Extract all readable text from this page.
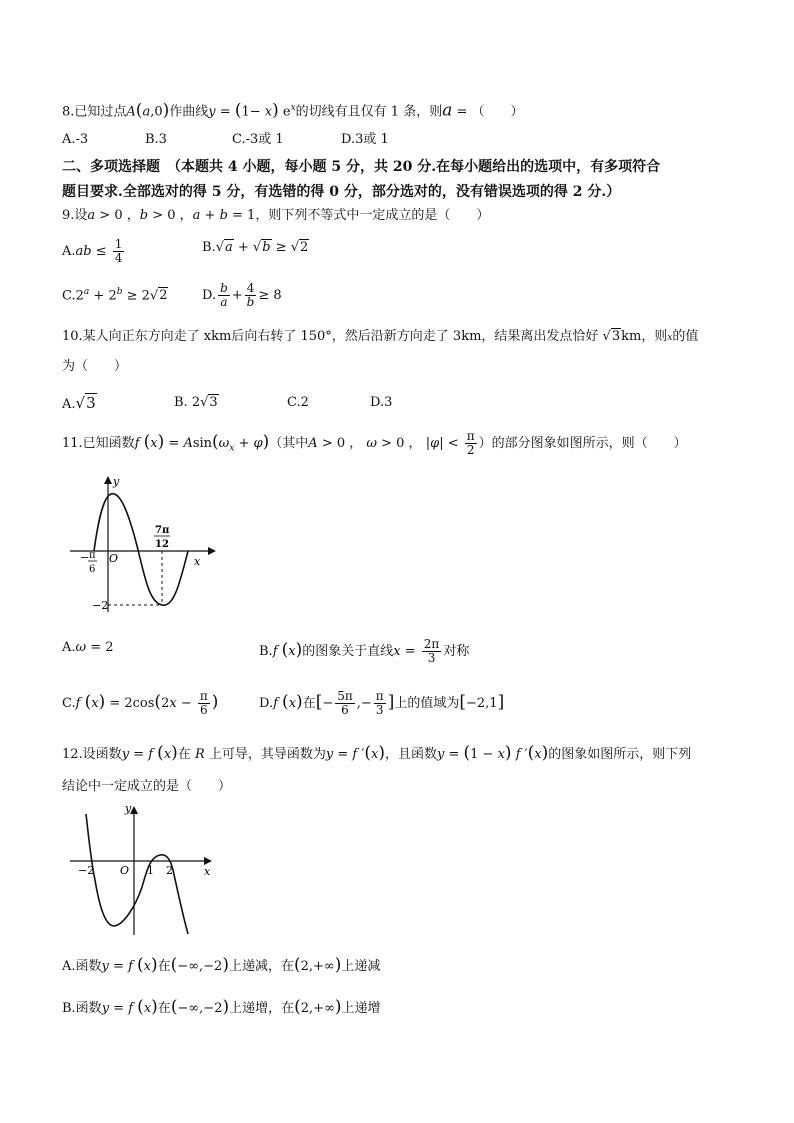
8.已知过点A(a,0)作曲线y = (1− x) $e^x$的切线有且仅有 1 条，则a = （　　）
A.-3	B.3	C.-3或 1	D.3或 1
二、多项选择题　（本题共 4 小题，每小题 5 分，共 20 分.在每小题给出的选项中，有多项符合
题目要求.全部选对的得 5 分，有选错的得 0 分，部分选对的，没有错误选项的得 2 分.）
9.设a > 0 ，b > 0 ，a + b = 1，则下列不等式中一定成立的是（　　）
$A.ab \le \frac{1}{4}$	B.√a + √b ≥ √2
$C.2^a + 2^b \ge 2√2$	D. $\frac{b}{a} + \frac{4}{b} \ge 8$
10.某人向正东方向走了 xkm后向右转了 150°，然后沿新方向走了 3km，结果离出发点恰好 √3km，则x的值
为（　　）
A.√3	B. 2√3	C.2	D.3
11.已知函数f $(x) = Asin(\omega_x + \varphi)$（其中A > 0 ， ω > 0 ， $|\varphi| < \frac{\pi}{2}$ ）的部分图象如图所示，则（　　）
y
x
O
− π
6
7π
12
−2
A.ω = 2	B.f (x)的图象关于直线$x = \frac{2\pi}{3}$ 对称
C.f $(x) = 2\cos(2x - \frac{\pi}{6}$ )	D.f (x)在[− $\frac{5\pi}{6}$ ,− $\frac{\pi}{3}$ ]上的值域为[−2,1]
12.设函数y = f (x)在 R 上可导，其导函数为y = f ′(x)，且函数y = (1 − x) f ′(x)的图象如图所示，则下列
结论中一定成立的是（　　）
y
x
O
−2	1 2
A.函数y = f (x)在(−∞,−2)上递减，在(2,+∞)上递减
B.函数y = f (x)在(−∞,−2)上递增，在(2,+∞)上递增
